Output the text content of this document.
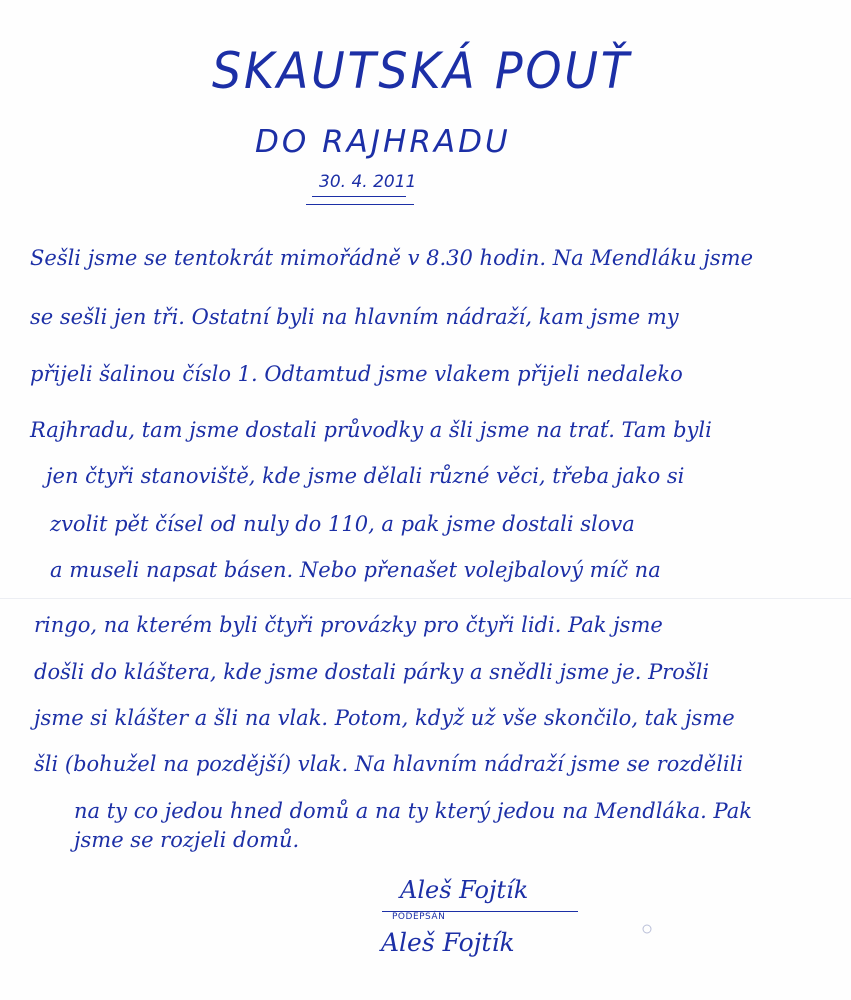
SKAUTSKÁ POUŤ
DO RAJHRADU
30. 4. 2011
Sešli jsme se tentokrát mimořádně v 8.30 hodin. Na Mendláku jsme
se sešli jen tři. Ostatní byli na hlavním nádraží, kam jsme my
přijeli šalinou číslo 1. Odtamtud jsme vlakem přijeli nedaleko
Rajhradu, tam jsme dostali průvodky a šli jsme na trať. Tam byli
jen čtyři stanoviště, kde jsme dělali různé věci, třeba jako si
zvolit pět čísel od nuly do 110, a pak jsme dostali slova
a museli napsat básen. Nebo přenašet volejbalový míč na
ringo, na kterém byli čtyři provázky pro čtyři lidi. Pak jsme
došli do kláštera, kde jsme dostali párky a snědli jsme je. Prošli
jsme si klášter a šli na vlak. Potom, když už vše skončilo, tak jsme
šli (bohužel na pozdější) vlak. Na hlavním nádraží jsme se rozdělili
na ty co jedou hned domů a na ty který jedou na Mendláka. Pak
jsme se rozjeli domů.
Aleš Fojtík
PODEPSÁN
Aleš Fojtík
